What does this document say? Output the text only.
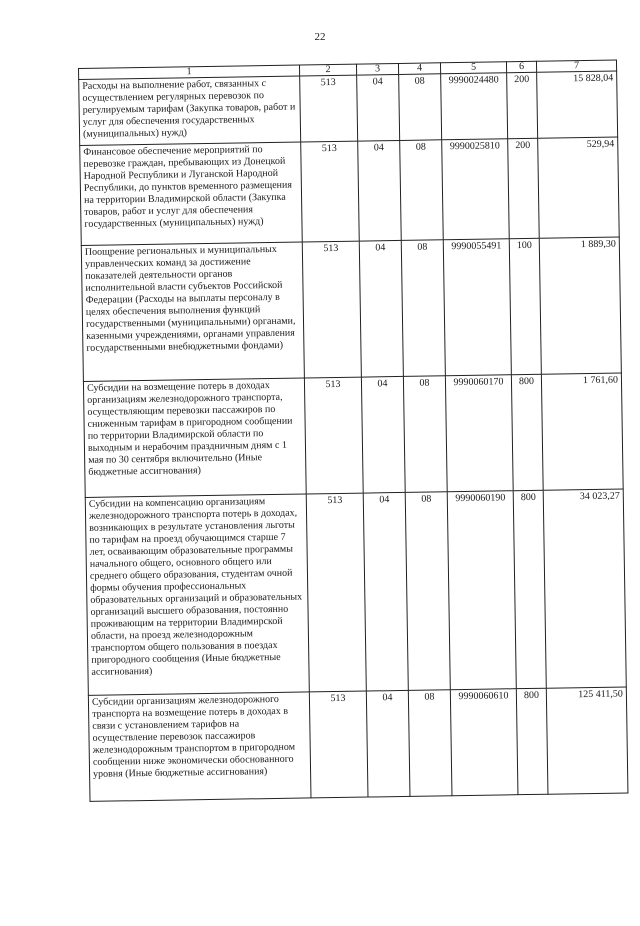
22
1	2	3	4	5	6	7
Расходы на выполнение работ, связанных с осуществлением регулярных перевозок по регулируемым тарифам (Закупка товаров, работ и услуг для обеспечения государственных (муниципальных) нужд)	513	04	08	9990024480	200	15 828,04
Финансовое обеспечение мероприятий по перевозке граждан, пребывающих из Донецкой Народной Республики и Луганской Народной Республики, до пунктов временного размещения на территории Владимирской области (Закупка товаров, работ и услуг для обеспечения государственных (муниципальных) нужд)	513	04	08	9990025810	200	529,94
Поощрение региональных и муниципальных управленческих команд за достижение показателей деятельности органов исполнительной власти субъектов Российской Федерации (Расходы на выплаты персоналу в целях обеспечения выполнения функций государственными (муниципальными) органами, казенными учреждениями, органами управления государственными внебюджетными фондами)	513	04	08	9990055491	100	1 889,30
Субсидии на возмещение потерь в доходах организациям железнодорожного транспорта, осуществляющим перевозки пассажиров по сниженным тарифам в пригородном сообщении по территории Владимирской области по выходным и нерабочим праздничным дням с 1 мая по 30 сентября включительно (Иные бюджетные ассигнования)	513	04	08	9990060170	800	1 761,60
Субсидии на компенсацию организациям железнодорожного транспорта потерь в доходах, возникающих в результате установления льготы по тарифам на проезд обучающимся старше 7 лет, осваивающим образовательные программы начального общего, основного общего или среднего общего образования, студентам очной формы обучения профессиональных образовательных организаций и образовательных организаций высшего образования, постоянно проживающим на территории Владимирской области, на проезд железнодорожным транспортом общего пользования в поездах пригородного сообщения (Иные бюджетные ассигнования)	513	04	08	9990060190	800	34 023,27
Субсидии организациям железнодорожного транспорта на возмещение потерь в доходах в связи с установлением тарифов на осуществление перевозок пассажиров железнодорожным транспортом в пригородном сообщении ниже экономически обоснованного уровня (Иные бюджетные ассигнования)	513	04	08	9990060610	800	125 411,50
